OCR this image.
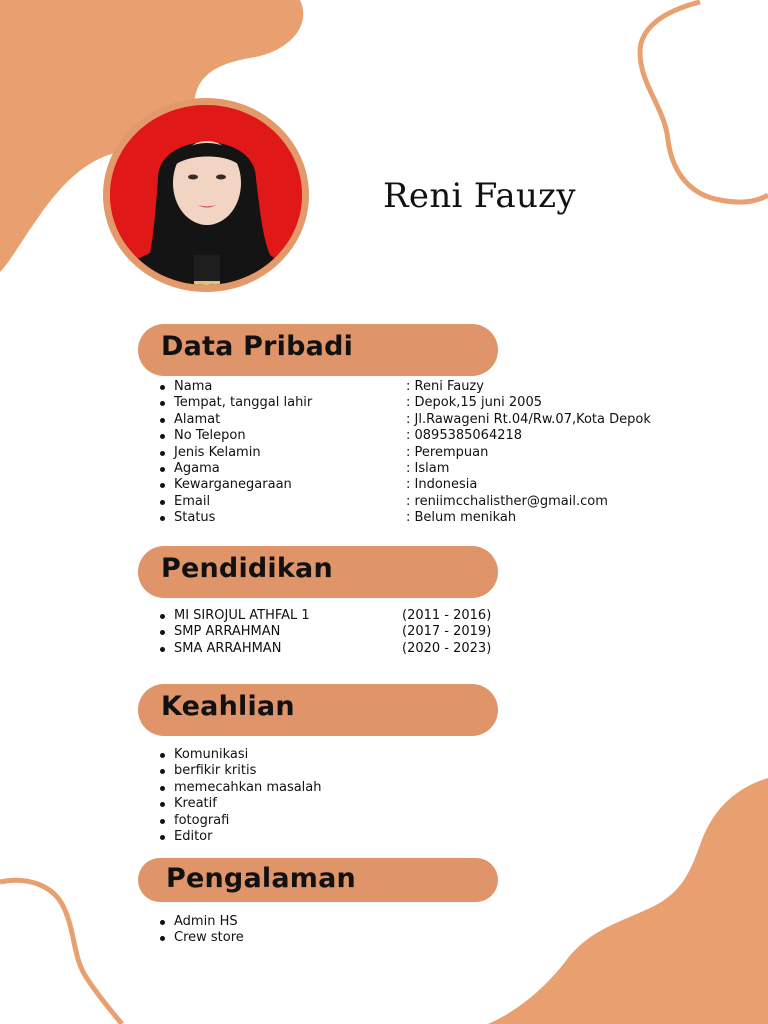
Reni Fauzy
Data Pribadi
Nama	: Reni Fauzy
Tempat, tanggal lahir	: Depok,15 juni 2005
Alamat	: Jl.Rawageni Rt.04/Rw.07,Kota Depok
No Telepon	: 0895385064218
Jenis Kelamin	: Perempuan
Agama	: Islam
Kewarganegaraan	: Indonesia
Email	: reniimcchalisther@gmail.com
Status	: Belum menikah
Pendidikan
MI SIROJUL ATHFAL 1	(2011 - 2016)
SMP ARRAHMAN	(2017 - 2019)
SMA ARRAHMAN	(2020 - 2023)
Keahlian
Komunikasi
berfikir kritis
memecahkan masalah
Kreatif
fotografi
Editor
Pengalaman
Admin HS
Crew store
